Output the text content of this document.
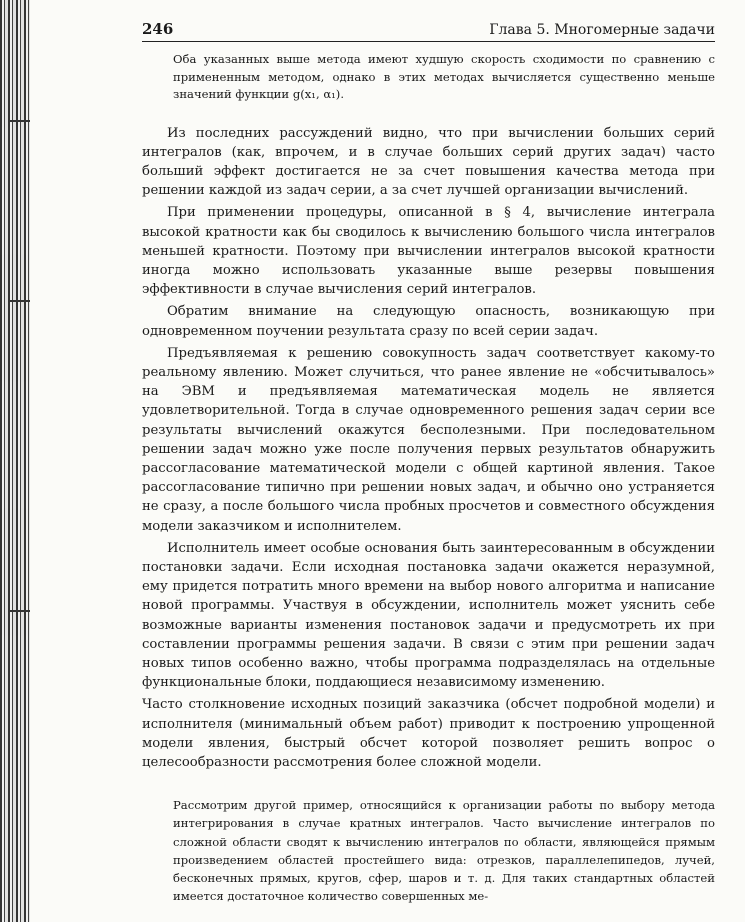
246	Глава 5. Многомерные задачи

Оба указанных выше метода имеют худшую скорость сходимости по сравнению с примененным методом, однако в этих методах вычисляется существенно меньше значений функции g(x₁, α₁).

Из последних рассуждений видно, что при вычислении больших серий интегралов (как, впрочем, и в случае больших серий других задач) часто больший эффект достигается не за счет повышения качества метода при решении каждой из задач серии, а за счет лучшей организации вычислений.

При применении процедуры, описанной в § 4, вычисление интеграла высокой кратности как бы сводилось к вычислению большого числа интегралов меньшей кратности. Поэтому при вычислении интегралов высокой кратности иногда можно использовать указанные выше резервы повышения эффективности в случае вычисления серий интегралов.

Обратим внимание на следующую опасность, возникающую при одновременном поучении результата сразу по всей серии задач.

Предъявляемая к решению совокупность задач соответствует какому-то реальному явлению. Может случиться, что ранее явление не «обсчитывалось» на ЭВМ и предъявляемая математическая модель не является удовлетворительной. Тогда в случае одновременного решения задач серии все результаты вычислений окажутся бесполезными. При последовательном решении задач можно уже после получения первых результатов обнаружить рассогласование математической модели с общей картиной явления. Такое рассогласование типично при решении новых задач, и обычно оно устраняется не сразу, а после большого числа пробных просчетов и совместного обсуждения модели заказчиком и исполнителем.

Исполнитель имеет особые основания быть заинтересованным в обсуждении постановки задачи. Если исходная постановка задачи окажется неразумной, ему придется потратить много времени на выбор нового алгоритма и написание новой программы. Участвуя в обсуждении, исполнитель может уяснить себе возможные варианты изменения постановок задачи и предусмотреть их при составлении программы решения задачи. В связи с этим при решении задач новых типов особенно важно, чтобы программа подразделялась на отдельные функциональные блоки, поддающиеся независимому изменению.

Часто столкновение исходных позиций заказчика (обсчет подробной модели) и исполнителя (минимальный объем работ) приводит к построению упрощенной модели явления, быстрый обсчет которой позволяет решить вопрос о целесообразности рассмотрения более сложной модели.

Рассмотрим другой пример, относящийся к организации работы по выбору метода интегрирования в случае кратных интегралов. Часто вычисление интегралов по сложной области сводят к вычислению интегралов по области, являющейся прямым произведением областей простейшего вида: отрезков, параллелепипедов, лучей, бесконечных прямых, кругов, сфер, шаров и т. д. Для таких стандартных областей имеется достаточное количество совершенных ме-
